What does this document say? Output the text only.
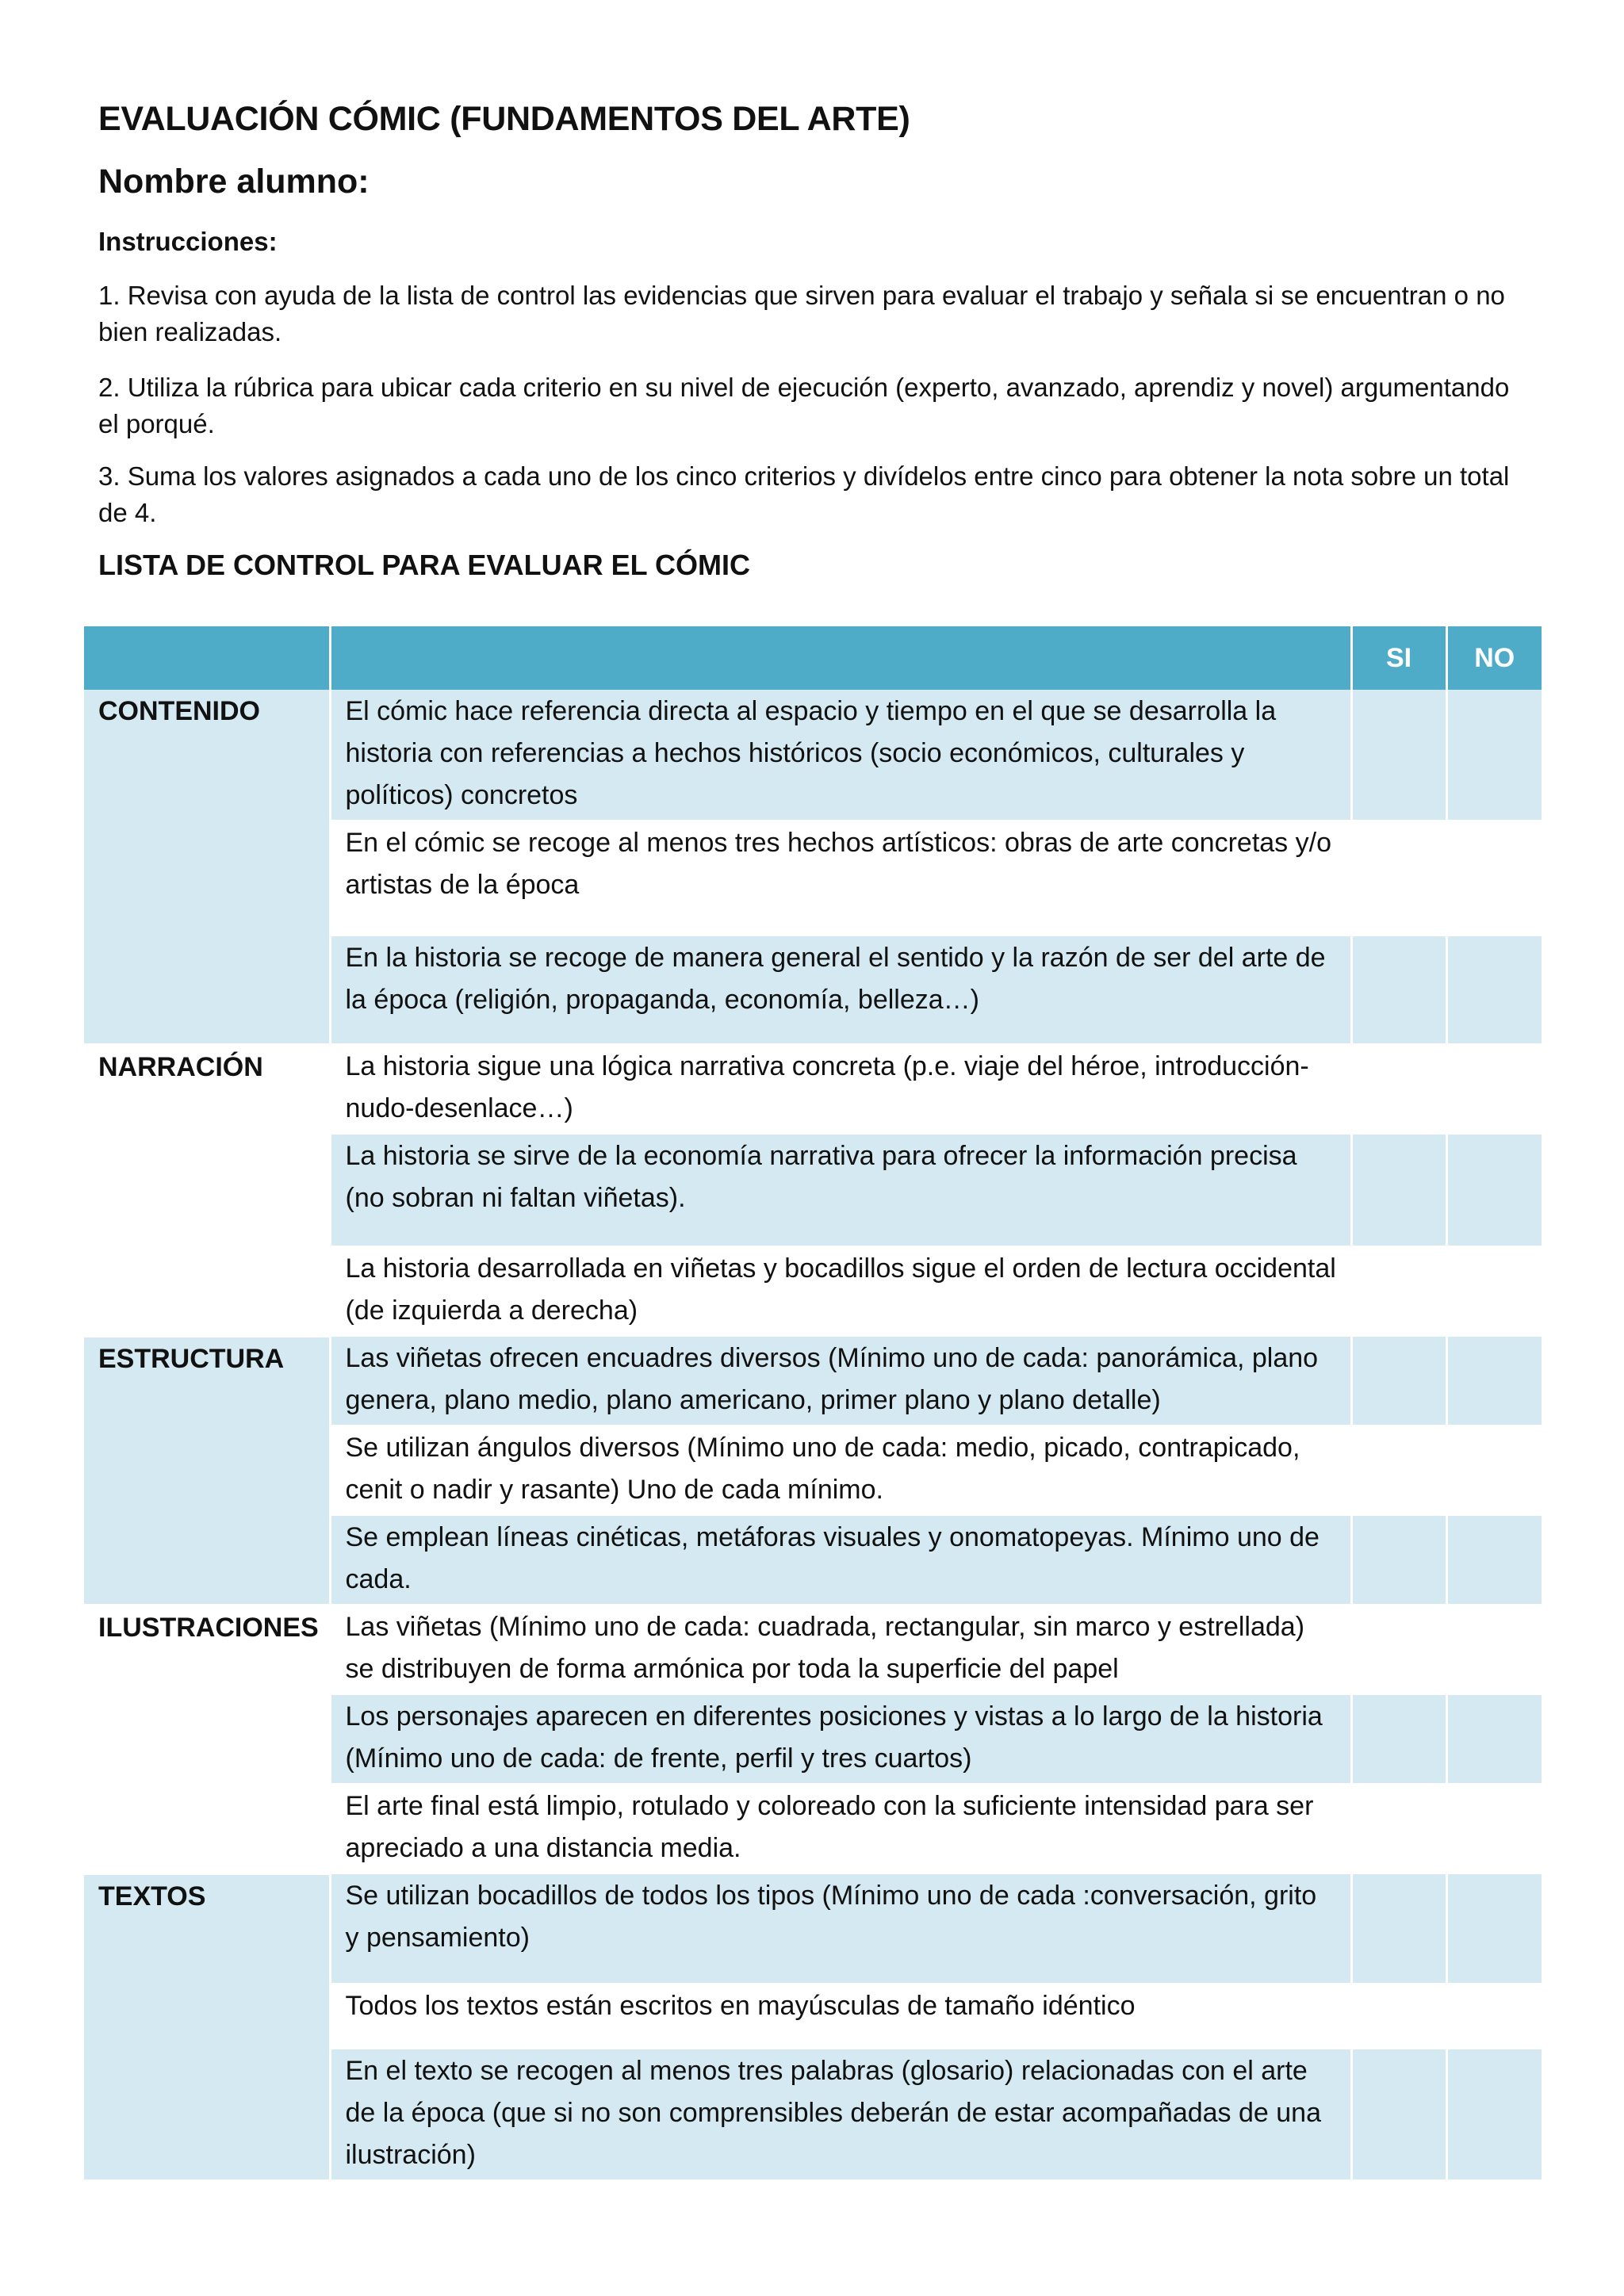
EVALUACIÓN CÓMIC (FUNDAMENTOS DEL ARTE)
Nombre alumno:

Instrucciones:

1. Revisa con ayuda de la lista de control las evidencias que sirven para evaluar el trabajo y señala si se encuentran o no bien realizadas.

2. Utiliza la rúbrica para ubicar cada criterio en su nivel de ejecución (experto, avanzado, aprendiz y novel) argumentando el porqué.

3. Suma los valores asignados a cada uno de los cinco criterios y divídelos entre cinco para obtener la nota sobre un total de 4.

LISTA DE CONTROL PARA EVALUAR EL CÓMIC

		SI	NO
CONTENIDO	El cómic hace referencia directa al espacio y tiempo en el que se desarrolla la historia con referencias a hechos históricos (socio económicos, culturales y políticos) concretos		
	En el cómic se recoge al menos tres hechos artísticos: obras de arte concretas y/o artistas de la época		
	En la historia se recoge de manera general el sentido y la razón de ser del arte de la época (religión, propaganda, economía, belleza…)		
NARRACIÓN	La historia sigue una lógica narrativa concreta (p.e. viaje del héroe, introducción-nudo-desenlace…)		
	La historia se sirve de la economía narrativa para ofrecer la información precisa (no sobran ni faltan viñetas).		
	La historia desarrollada en viñetas y bocadillos sigue el orden de lectura occidental (de izquierda a derecha)		
ESTRUCTURA	Las viñetas ofrecen encuadres diversos (Mínimo uno de cada: panorámica, plano genera, plano medio, plano americano, primer plano y plano detalle)		
	Se utilizan ángulos diversos (Mínimo uno de cada: medio, picado, contrapicado, cenit o nadir y rasante) Uno de cada mínimo.		
	Se emplean líneas cinéticas, metáforas visuales y onomatopeyas. Mínimo uno de cada.		
ILUSTRACIONES	Las viñetas (Mínimo uno de cada: cuadrada, rectangular, sin marco y estrellada) se distribuyen de forma armónica por toda la superficie del papel		
	Los personajes aparecen en diferentes posiciones y vistas a lo largo de la historia (Mínimo uno de cada: de frente, perfil y tres cuartos)		
	El arte final está limpio, rotulado y coloreado con la suficiente intensidad para ser apreciado a una distancia media.		
TEXTOS	Se utilizan bocadillos de todos los tipos (Mínimo uno de cada :conversación, grito y pensamiento)		
	Todos los textos están escritos en mayúsculas de tamaño idéntico		
	En el texto se recogen al menos tres palabras (glosario) relacionadas con el arte de la época (que si no son comprensibles deberán de estar acompañadas de una ilustración)		
